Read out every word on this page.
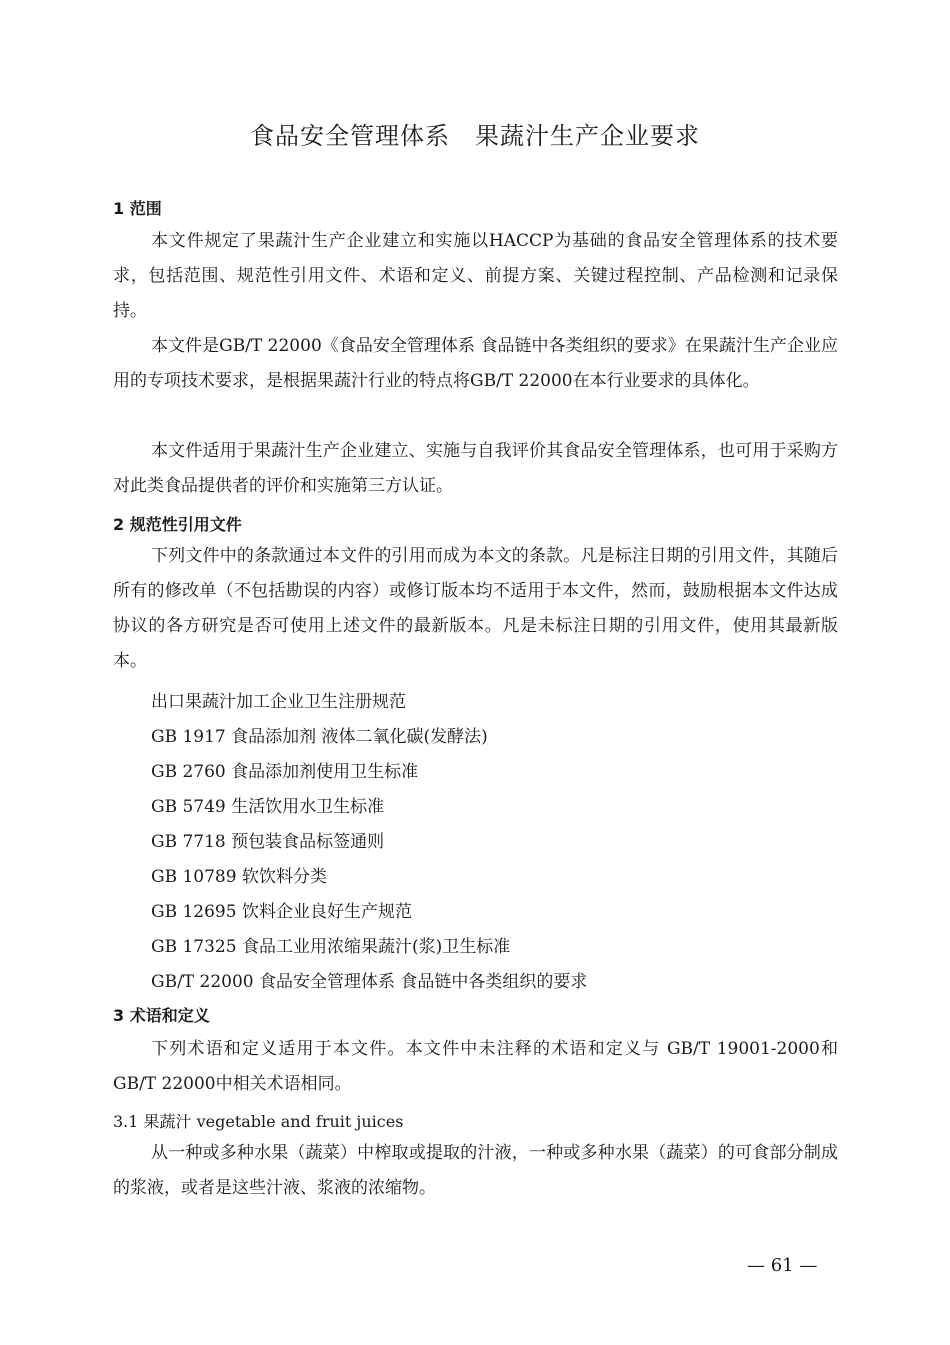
食品安全管理体系　果蔬汁生产企业要求
1 范围
本文件规定了果蔬汁生产企业建立和实施以HACCP为基础的食品安全管理体系的技术要求，包括范围、规范性引用文件、术语和定义、前提方案、关键过程控制、产品检测和记录保持。
本文件是GB/T 22000《食品安全管理体系 食品链中各类组织的要求》在果蔬汁生产企业应用的专项技术要求，是根据果蔬汁行业的特点将GB/T 22000在本行业要求的具体化。
本文件适用于果蔬汁生产企业建立、实施与自我评价其食品安全管理体系，也可用于采购方对此类食品提供者的评价和实施第三方认证。
2 规范性引用文件
下列文件中的条款通过本文件的引用而成为本文的条款。凡是标注日期的引用文件，其随后所有的修改单（不包括勘误的内容）或修订版本均不适用于本文件，然而，鼓励根据本文件达成协议的各方研究是否可使用上述文件的最新版本。凡是未标注日期的引用文件，使用其最新版本。
出口果蔬汁加工企业卫生注册规范
GB 1917 食品添加剂 液体二氧化碳(发酵法)
GB 2760 食品添加剂使用卫生标准
GB 5749 生活饮用水卫生标准
GB 7718 预包装食品标签通则
GB 10789 软饮料分类
GB 12695 饮料企业良好生产规范
GB 17325 食品工业用浓缩果蔬汁(浆)卫生标准
GB/T 22000 食品安全管理体系 食品链中各类组织的要求
3 术语和定义
下列术语和定义适用于本文件。本文件中未注释的术语和定义与 GB/T 19001-2000和GB/T 22000中相关术语相同。
3.1 果蔬汁 vegetable and fruit juices
从一种或多种水果（蔬菜）中榨取或提取的汁液，一种或多种水果（蔬菜）的可食部分制成的浆液，或者是这些汁液、浆液的浓缩物。
— 61 —
